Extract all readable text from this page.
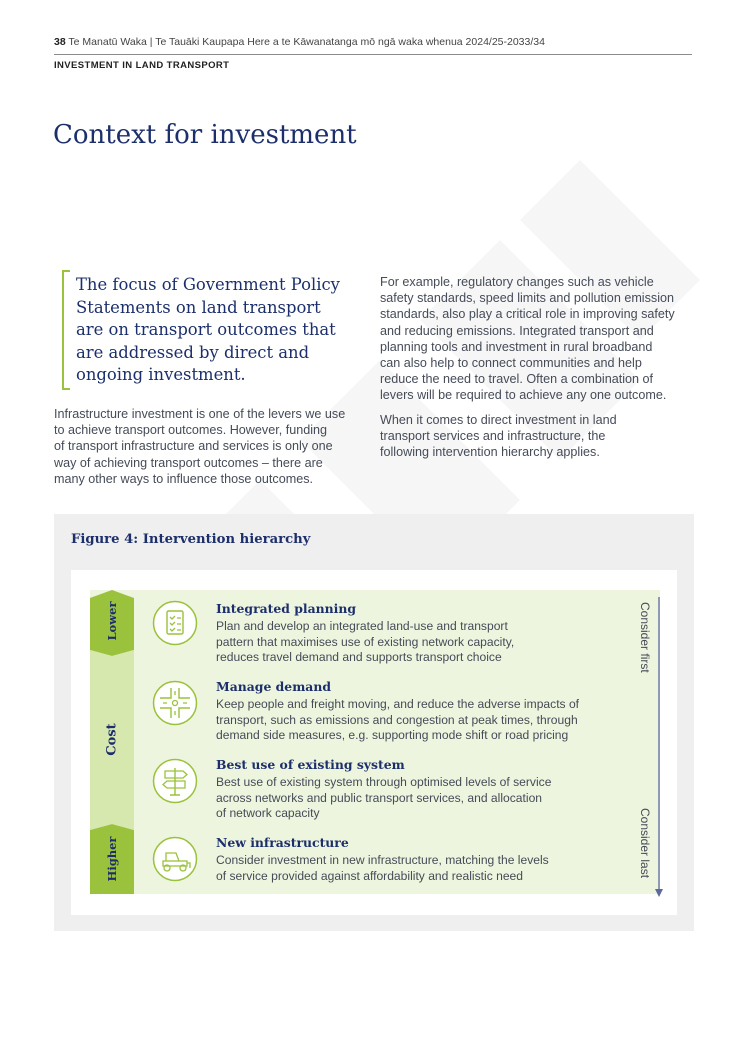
38 Te Manatū Waka | Te Tauāki Kaupapa Here a te Kāwanatanga mō ngā waka whenua 2024/25-2033/34
INVESTMENT IN LAND TRANSPORT
Context for investment
The focus of Government Policy
Statements on land transport
are on transport outcomes that
are addressed by direct and
ongoing investment.
Infrastructure investment is one of the levers we use
to achieve transport outcomes. However, funding
of transport infrastructure and services is only one
way of achieving transport outcomes – there are
many other ways to influence those outcomes.
For example, regulatory changes such as vehicle
safety standards, speed limits and pollution emission
standards, also play a critical role in improving safety
and reducing emissions. Integrated transport and
planning tools and investment in rural broadband
can also help to connect communities and help
reduce the need to travel. Often a combination of
levers will be required to achieve any one outcome.
When it comes to direct investment in land
transport services and infrastructure, the
following intervention hierarchy applies.
Figure 4: Intervention hierarchy
Lower
Cost
Higher
Integrated planning
Plan and develop an integrated land-use and transport
pattern that maximises use of existing network capacity,
reduces travel demand and supports transport choice
Manage demand
Keep people and freight moving, and reduce the adverse impacts of
transport, such as emissions and congestion at peak times, through
demand side measures, e.g. supporting mode shift or road pricing
Best use of existing system
Best use of existing system through optimised levels of service
across networks and public transport services, and allocation
of network capacity
New infrastructure
Consider investment in new infrastructure, matching the levels
of service provided against affordability and realistic need
Consider first
Consider last
